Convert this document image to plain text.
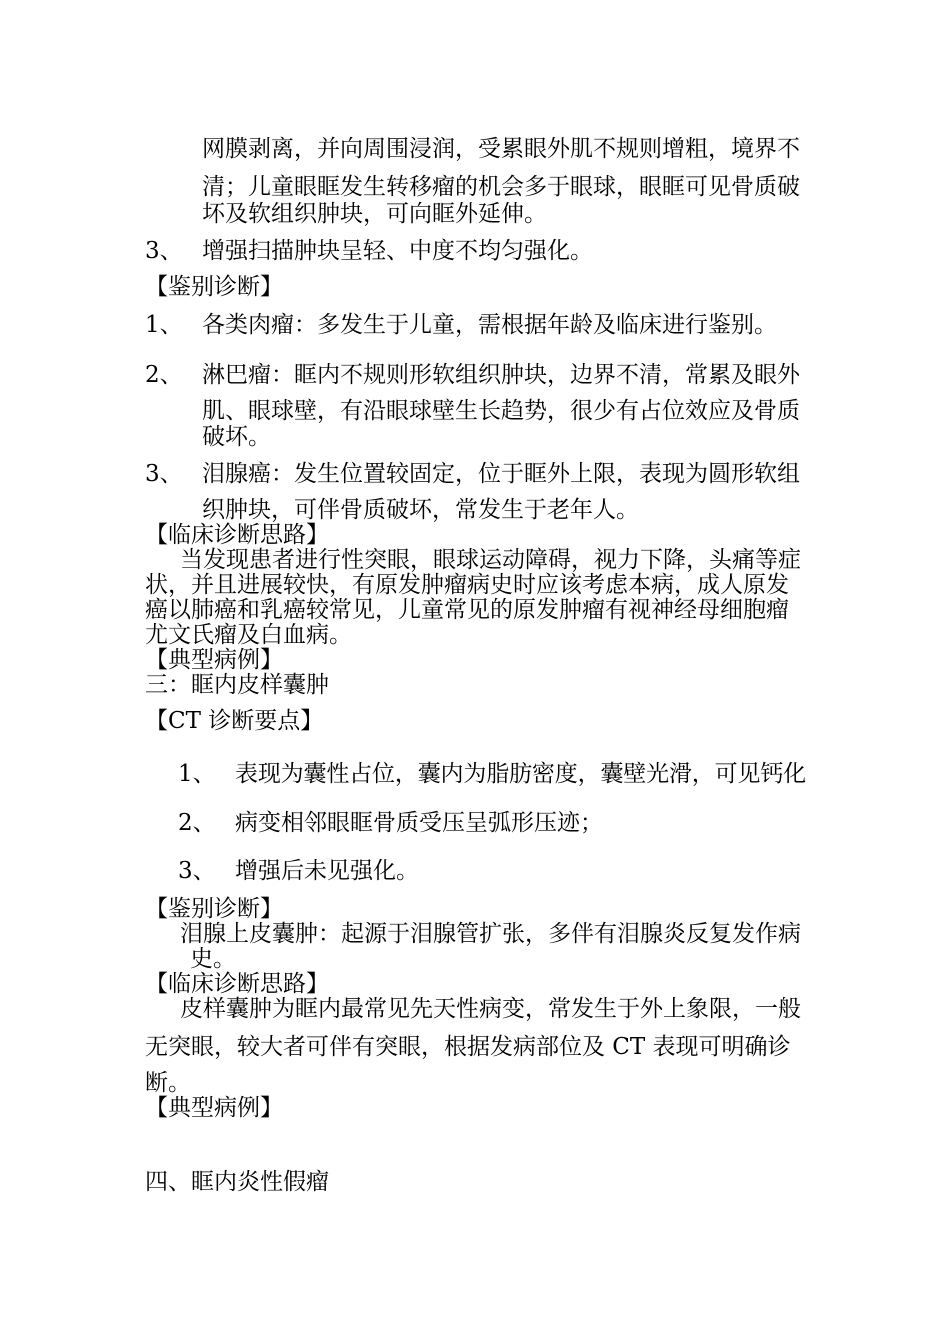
网膜剥离，并向周围浸润，受累眼外肌不规则增粗，境界不
清；儿童眼眶发生转移瘤的机会多于眼球，眼眶可见骨质破
坏及软组织肿块，可向眶外延伸。
3、 增强扫描肿块呈轻、中度不均匀强化。
【鉴别诊断】
1、 各类肉瘤：多发生于儿童，需根据年龄及临床进行鉴别。
2、 淋巴瘤：眶内不规则形软组织肿块，边界不清，常累及眼外
肌、眼球壁，有沿眼球壁生长趋势，很少有占位效应及骨质
破坏。
3、 泪腺癌：发生位置较固定，位于眶外上限，表现为圆形软组
织肿块，可伴骨质破坏，常发生于老年人。
【临床诊断思路】
当发现患者进行性突眼，眼球运动障碍，视力下降，头痛等症
状，并且进展较快，有原发肿瘤病史时应该考虑本病，成人原发
癌以肺癌和乳癌较常见，儿童常见的原发肿瘤有视神经母细胞瘤
尤文氏瘤及白血病。
【典型病例】
三：眶内皮样囊肿
【CT 诊断要点】
1、 表现为囊性占位，囊内为脂肪密度，囊壁光滑，可见钙化
2、 病变相邻眼眶骨质受压呈弧形压迹；
3、 增强后未见强化。
【鉴别诊断】
泪腺上皮囊肿：起源于泪腺管扩张，多伴有泪腺炎反复发作病
史。
【临床诊断思路】
皮样囊肿为眶内最常见先天性病变，常发生于外上象限，一般
无突眼，较大者可伴有突眼，根据发病部位及 CT 表现可明确诊
断。
【典型病例】
四、眶内炎性假瘤
